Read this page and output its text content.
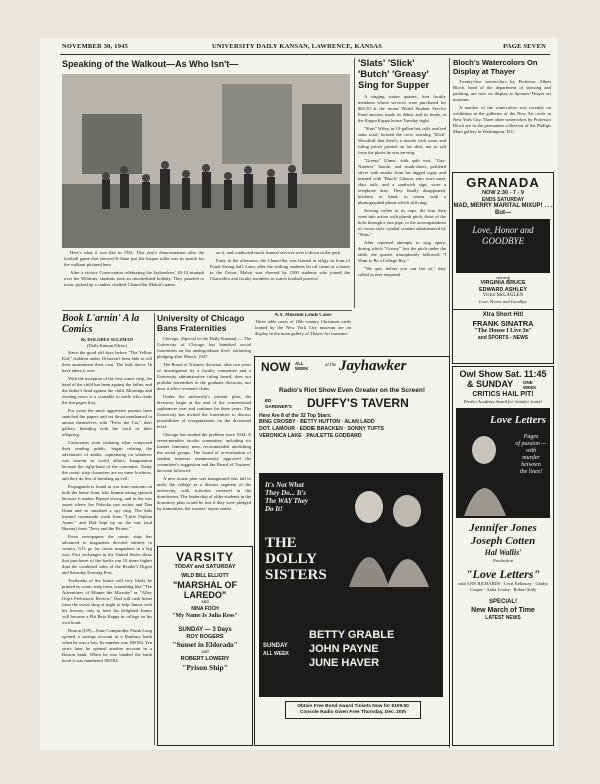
NOVEMBER 30, 1945	UNIVERSITY DAILY KANSAN, LAWRENCE, KANSAS	PAGE SEVEN
Speaking of the Walkout—As Who Isn't—

Here's what it was like in 1941. This year's demonstration after the football game that showed K-State just the league roller was no match for the walkout pictured here.

After a victory Convocation celebrating the Jayhawkers' 20-14 triumph over the Wildcats, students took an unscheduled holiday. They paraded to town, picked up a canker, chalked Chancellor Malott's name

on it, and conducted mock funeral services over it down in the park.

Early in the afternoon, the Chancellor was burned in effigy in front of Frank Strong hall. Later, after the striking students let off steam at a dance in the Union, Malott was cheered by 1500 students who joined the Chancellor and faculty members in watch football practice.

'Slats' 'Slick' 'Butch' 'Greasy' Sing for Supper

A singing waiter quartet, four faculty members whose services were purchased for $65.50 at the recent World Student Service Fund auction, made its debut, and its finale, at the Kappa Kappa house Tuesday night.

"Slats" Wiley, in 10-gallon hat, tails, and red satin scarf, hoisted the crew, warning "Slick" Woodruff that there's a tuxedo with room and ruling prices printed on his shirt, not to salt from the plates he was serving.

"Greasy" Ulmer, with spilt vest, "Gay-Nineties" hairdo, and trunk-shoes, polished silver with smoke from his ragged cigar, and teamed with "Butch" Gibson, who wore sand, shirt tails, and a sandwich sign, wore a telephone duty. They finally disappeared, kitchens in hand, to return with a phonographed phone which still rang.

Serving coffee to its cups, the four then went into action with plumb pitch, short of the bobs through a rain pipe, to the accompaniment of circus-style cymbal crashes administered by "Slats."

After repeated attempts to sing opera, during which "Greasy" lost the pitch under the table, the quartet triumphantly bellowed "I Want to Be a College Boy."

"We quit, before you can fire us," they called as they departed.

Bloch's Watercolors On Display at Thayer

Twenty-five watercolors by Professor Albert Bloch, head of the department of drawing and painting, are now on display at Spooner-Thayer art museum.

A number of the watercolors was recently on exhibition in the galleries of the New Art circle in New York City. Three other watercolors by Professor Bloch are in the permanent collection of the Phillips Main gallery in Washington, D.C.

GRANADA
NOW 2:30 - 7 - 9
ENDS SATURDAY
MAD, MERRY MARITAL MIXUP! . . . But—
Love, Honor and GOODBYE
starring
VIRGINIA BRUCE
EDWARD ASHLEY
Victor McLAGLEN
Love, Honor and Goodbye
Xtra Short Hit!
FRANK SINATRA
"The House I Live In"
and SPORTS - NEWS
Book L'arnin' A la Comics
By DOLORES SULZMAN
(Daily Kansan Editor)

Since the good old days before "The Yellow Kid," children under 16 haven't been able to call their amusement their own. The kids above 16 have taken it over.

With the inception of the first comic strip, the head of the child has been against the father, and the father's head against the child. Mornings and evening news is a scramble to settle who reads the fun pages first.

For years the more aggressive parents have snatched the papers and set down unashamed to amuse themselves with "Felix the Cat," their gallery, blending with the swirl of their offspring.

Cartoonists soon realizing what composed their reading public, began relating the adventures of adults, capitalizing on whatever was current in world affairs. Imagination became the right-hand of the cartoonist. Today the comic strip characters are no mere lowbrow, and they do less of breaking up evil.

Propaganda is found in war time cartoons on both the home front, like Jimmie eating spinach because it makes Popeye strong, and in the war zones where Joe Palooka saw action and Dan Dunn and so smashed a spy ring. The kids learned commando work from "Little Orphan Annie," and Dad kept up on the war (and Bureau) from "Terry and the Pirates."

From newspapers the comic strip has advanced to magazines devoted entirely to comics. GI's go for comic magazines in a big way. Post exchanges in the United States show that purchases of the books run 10 times higher than the combined sales of the Reader's Digest and Saturday Evening Post.

Textbooks of the future will very likely be printed in comic strip form, something like "The Adventures of Minnie the Microbe" or "Alley Oop's Prehistoric Review." Dad will rush home from the sweat shop at night to help Junior with his lessons, only to have his delighted Junior will become a Phi Beta Kappa in college on his own book.

Boston (UP)—State Comptroller Frank Long opened a savings account in a Banbury bank when he was a boy. Its number was 180184. Ten years later he opened another account in a Boston bank. When he was handed the bank book it was numbered 180184.

University of Chicago Bans Fraternities

Chicago. (Special to the Daily Kansan) — The University of Chicago has banished social fraternities on the undergraduate level, outlawing pledging after March, 1947.

The Board of Trustees' decision, after two years of investigation by a faculty committee and a University administrative ruling board, does not prohibit fraternities in the graduate divisions, nor does it affect women's clubs.

Under the university's present plan, the divisions begin at the end of the conventional sophomore year and continue for three years. The University has invited the fraternities to discuss possibilities of reorganization on the divisional level.

Chicago has studied the problem since 1944. A seven-member faculty committee, including six former fraternity men, recommended abolishing the social groups. The board of re-evaluation of student interests unanimously approved the committee's suggestion and the Board of Trustees' decision followed.

A new house plan was inaugurated this fall to unify the college as a distinct segment of the university, with activities centered in the dormitories. The leadership of older students in the dormitory plan would be lost if they were pledged by fraternities, the trustees' report stated.

N.Y. Museum Lends Cases
Three table cases of 18th century Christmas cards loaned by the New York City museum are on display in the main gallery of Thayer Art museum.
NOW ALL WEEK
at the Jayhawker
Radio's Riot Show Even Greater on the Screen!
ED GARDNER'S DUFFY'S TAVERN
Here Are 8 of the 32 Top Stars:
BING CROSBY · BETTY HUTTON · ALAN LADD
DOT. LAMOUR · EDDIE BRACKEN · SONNY TUFTS
VERONICA LAKE · PAULETTE GODDARD
It's Not What They Do... It's The WAY They Do It!
THE DOLLY SISTERS
BETTY GRABLE
JOHN PAYNE
JUNE HAVER
SUNDAY
ALL WEEK
Obtain Free Bond Award Tickets Now for $109.50 Console Radio Given Free Thursday, Dec. 20th
VARSITY
TODAY and SATURDAY
WILD BILL ELLIOTT
"MARSHAL OF LAREDO"
and
NINA FOCH
"My Name Is Julia Ross"
SUNDAY — 3 Days
ROY ROGERS
"Sunset in Eldorado"
and
ROBERT LOWERY
"Prison Ship"
Owl Show Sat. 11:45
& SUNDAY ONE WEEK
CRITICS HAIL PIT!
Predict Academy Award for Jennifer Jones!
Love Letters
Pages
of passion —
with
murder between
the lines!
Jennifer Jones
Joseph Cotten
Hal Wallis'
Production
"Love Letters"
with ANN RICHARDS · Cecil Kellaway · Gladys Cooper · Anita Louise · Robert Sully
SPECIAL!
New March of Time
LATEST NEWS
